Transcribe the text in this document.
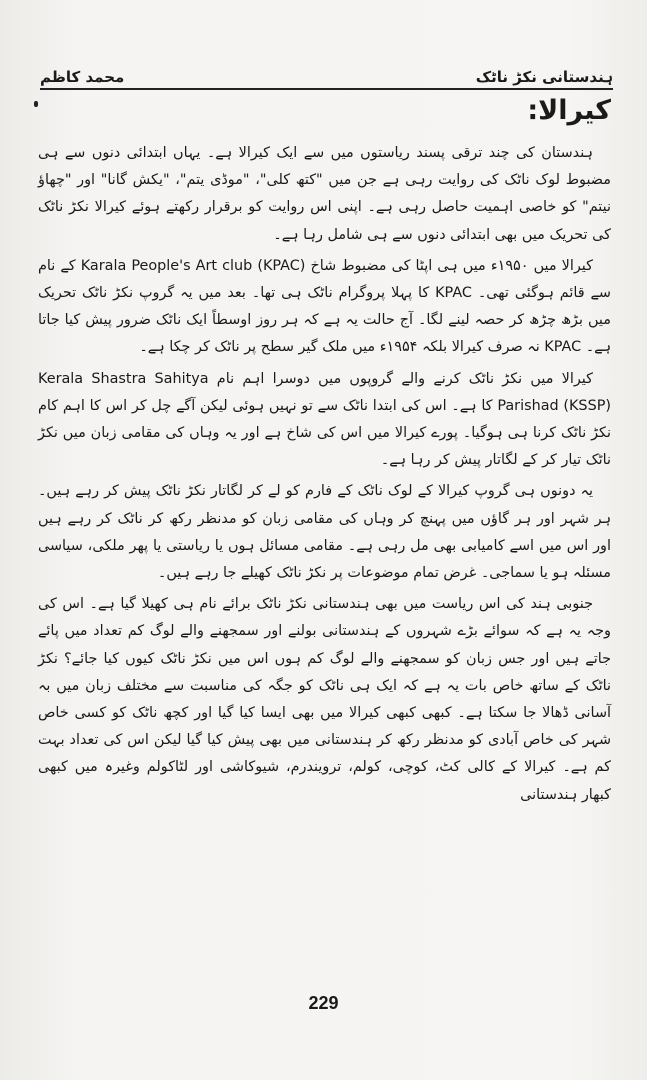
محمد کاظم	ہندستانی نکڑ ناٹک
کیرالا:

ہندستان کی چند ترقی پسند ریاستوں میں سے ایک کیرالا ہے۔ یہاں ابتدائی دنوں سے ہی مضبوط لوک ناٹک کی روایت رہی ہے جن میں "کتھ کلی"، "موڈی یتم"، "یکش گانا" اور "چھاؤ نیتم" کو خاصی اہمیت حاصل رہی ہے۔ اپنی اس روایت کو برقرار رکھتے ہوئے کیرالا نکڑ ناٹک کی تحریک میں بھی ابتدائی دنوں سے ہی شامل رہا ہے۔

کیرالا میں ۱۹۵۰ء میں ہی اپٹا کی مضبوط شاخ Karala People's Art club (KPAC) کے نام سے قائم ہوگئی تھی۔ KPAC کا پہلا پروگرام ناٹک ہی تھا۔ بعد میں یہ گروپ نکڑ ناٹک تحریک میں بڑھ چڑھ کر حصہ لینے لگا۔ آج حالت یہ ہے کہ ہر روز اوسطاً ایک ناٹک ضرور پیش کیا جاتا ہے۔ KPAC نہ صرف کیرالا بلکہ ۱۹۵۴ء میں ملک گیر سطح پر ناٹک کر چکا ہے۔

کیرالا میں نکڑ ناٹک کرنے والے گروپوں میں دوسرا اہم نام Kerala Shastra Sahitya Parishad (KSSP) کا ہے۔ اس کی ابتدا ناٹک سے تو نہیں ہوئی لیکن آگے چل کر اس کا اہم کام نکڑ ناٹک کرنا ہی ہوگیا۔ پورے کیرالا میں اس کی شاخ ہے اور یہ وہاں کی مقامی زبان میں نکڑ ناٹک تیار کر کے لگاتار پیش کر رہا ہے۔

یہ دونوں ہی گروپ کیرالا کے لوک ناٹک کے فارم کو لے کر لگاتار نکڑ ناٹک پیش کر رہے ہیں۔ ہر شہر اور ہر گاؤں میں پہنچ کر وہاں کی مقامی زبان کو مدنظر رکھ کر ناٹک کر رہے ہیں اور اس میں اسے کامیابی بھی مل رہی ہے۔ مقامی مسائل ہوں یا ریاستی یا پھر ملکی، سیاسی مسئلہ ہو یا سماجی۔ غرض تمام موضوعات پر نکڑ ناٹک کھیلے جا رہے ہیں۔

جنوبی ہند کی اس ریاست میں بھی ہندستانی نکڑ ناٹک برائے نام ہی کھیلا گیا ہے۔ اس کی وجہ یہ ہے کہ سوائے بڑے شہروں کے ہندستانی بولنے اور سمجھنے والے لوگ کم تعداد میں پائے جاتے ہیں اور جس زبان کو سمجھنے والے لوگ کم ہوں اس میں نکڑ ناٹک کیوں کیا جائے؟ نکڑ ناٹک کے ساتھ خاص بات یہ ہے کہ ایک ہی ناٹک کو جگہ کی مناسبت سے مختلف زبان میں بہ آسانی ڈھالا جا سکتا ہے۔ کبھی کبھی کیرالا میں بھی ایسا کیا گیا اور کچھ ناٹک کو کسی خاص شہر کی خاص آبادی کو مدنظر رکھ کر ہندستانی میں بھی پیش کیا گیا لیکن اس کی تعداد بہت کم ہے۔ کیرالا کے کالی کٹ، کوچی، کولم، ترویندرم، شیوکاشی اور لٹاکولم وغیرہ میں کبھی کبھار ہندستانی

229
